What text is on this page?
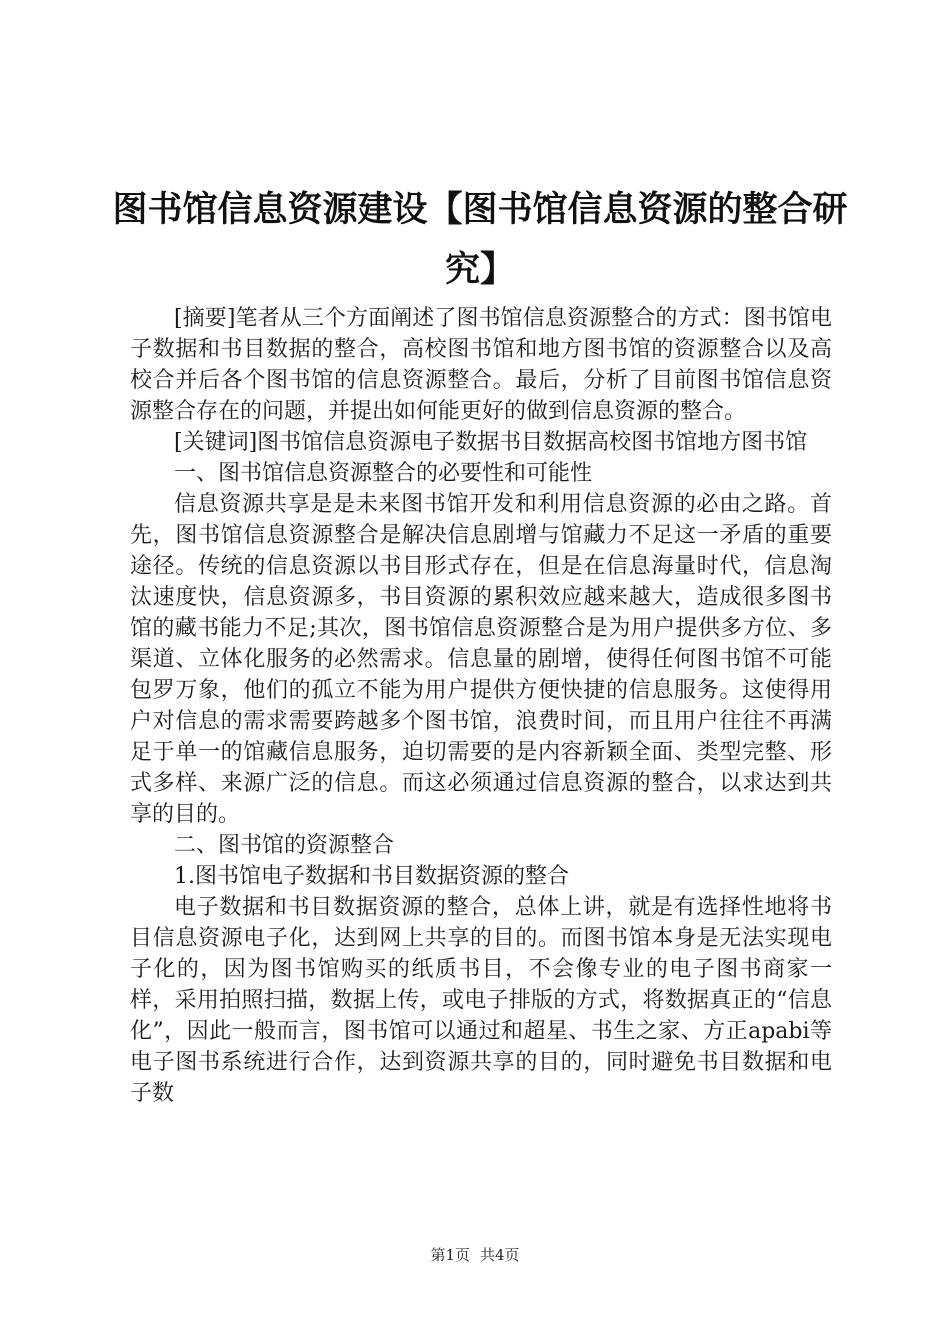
图书馆信息资源建设【图书馆信息资源的整合研究】

[摘要]笔者从三个方面阐述了图书馆信息资源整合的方式：图书馆电子数据和书目数据的整合，高校图书馆和地方图书馆的资源整合以及高校合并后各个图书馆的信息资源整合。最后，分析了目前图书馆信息资源整合存在的问题，并提出如何能更好的做到信息资源的整合。

[关键词]图书馆信息资源电子数据书目数据高校图书馆地方图书馆

一、图书馆信息资源整合的必要性和可能性

信息资源共享是是未来图书馆开发和利用信息资源的必由之路。首先，图书馆信息资源整合是解决信息剧增与馆藏力不足这一矛盾的重要途径。传统的信息资源以书目形式存在，但是在信息海量时代，信息淘汰速度快，信息资源多，书目资源的累积效应越来越大，造成很多图书馆的藏书能力不足;其次，图书馆信息资源整合是为用户提供多方位、多渠道、立体化服务的必然需求。信息量的剧增，使得任何图书馆不可能包罗万象，他们的孤立不能为用户提供方便快捷的信息服务。这使得用户对信息的需求需要跨越多个图书馆，浪费时间，而且用户往往不再满足于单一的馆藏信息服务，迫切需要的是内容新颖全面、类型完整、形式多样、来源广泛的信息。而这必须通过信息资源的整合，以求达到共享的目的。

二、图书馆的资源整合

1.图书馆电子数据和书目数据资源的整合

电子数据和书目数据资源的整合，总体上讲，就是有选择性地将书目信息资源电子化，达到网上共享的目的。而图书馆本身是无法实现电子化的，因为图书馆购买的纸质书目，不会像专业的电子图书商家一样，采用拍照扫描，数据上传，或电子排版的方式，将数据真正的“信息化”，因此一般而言，图书馆可以通过和超星、书生之家、方正apabi等电子图书系统进行合作，达到资源共享的目的，同时避免书目数据和电子数

第1页 共4页
